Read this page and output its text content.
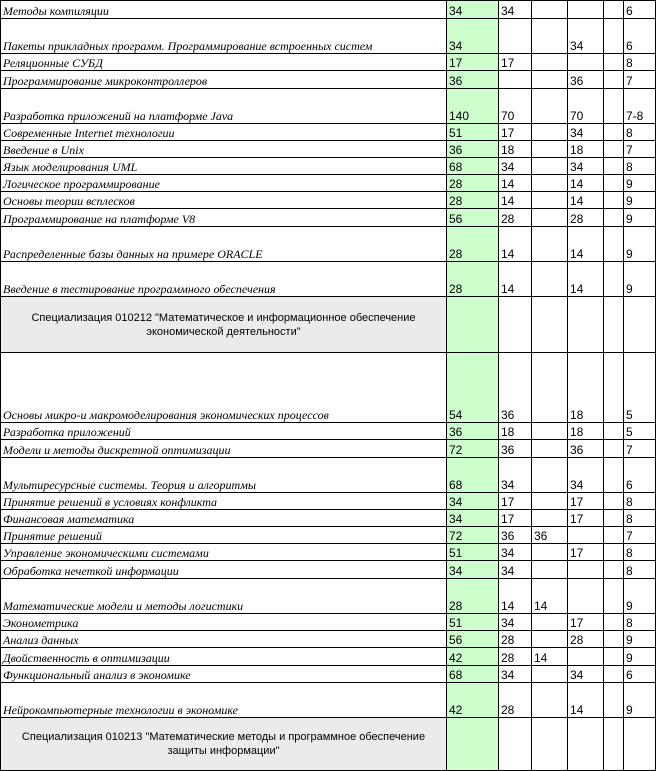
Методы компиляции	34	34				6
Пакеты прикладных программ. Программирование встроенных систем	34			34		6
Реляционные СУБД	17	17				8
Программирование микроконтроллеров	36			36		7
Разработка приложений на платформе Java	140	70		70		7-8
Современные Internet технологии	51	17		34		8
Введение в Unix	36	18		18		7
Язык моделирования UML	68	34		34		8
Логическое программирование	28	14		14		9
Основы теории всплесков	28	14		14		9
Программирование на платформе V8	56	28		28		9
Распределенные базы данных на примере ORACLE	28	14		14		9
Введение в тестирование программного обеспечения	28	14		14		9
Специализация 010212 "Математическое и информационное обеспечение экономической деятельности"						
Основы микро-и макромоделирования экономических процессов	54	36		18		5
Разработка приложений	36	18		18		5
Модели и методы дискретной оптимизации	72	36		36		7
Мультиресурсные системы. Теория и алгоритмы	68	34		34		6
Принятие решений в условиях конфликта	34	17		17		8
Финансовая математика	34	17		17		8
Принятие решений	72	36	36			7
Управление экономическими системами	51	34		17		8
Обработка нечеткой информации	34	34				8
Математические модели и методы логистики	28	14	14			9
Эконометрика	51	34		17		8
Анализ данных	56	28		28		9
Двойственность в оптимизации	42	28	14			9
Функциональный анализ в экономике	68	34		34		6
Нейрокомпьютерные технологии в экономике	42	28		14		9
Специализация 010213 "Математические методы и программное обеспечение защиты информации"						
